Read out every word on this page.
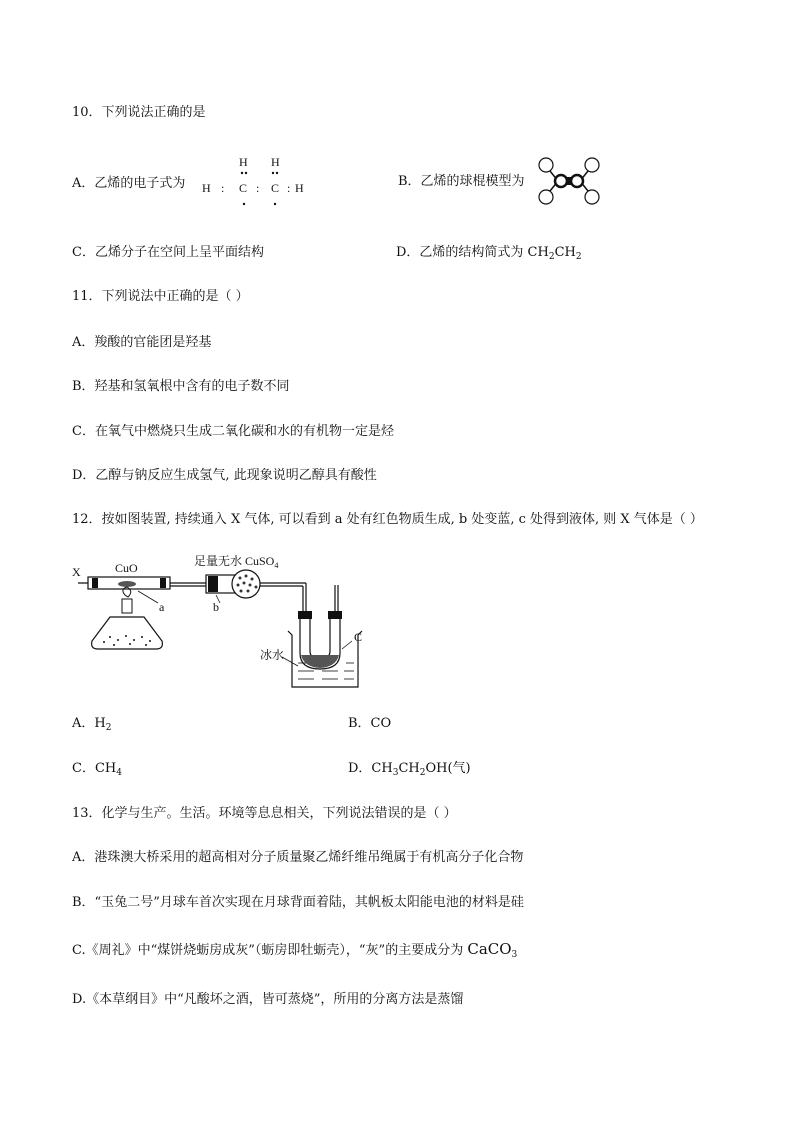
10．下列说法正确的是
A．乙烯的电子式为
H H
H : C : C : H	B．乙烯的球棍模型为
C．乙烯分子在空间上呈平面结构	D．乙烯的结构简式为 $CH_2CH_2$
11．下列说法中正确的是（ ）
A．羧酸的官能团是羟基
B．羟基和氢氧根中含有的电子数不同
C．在氧气中燃烧只生成二氧化碳和水的有机物一定是烃
D．乙醇与钠反应生成氢气, 此现象说明乙醇具有酸性
12．按如图装置, 持续通入 X 气体, 可以看到 a 处有红色物质生成, b 处变蓝, c 处得到液体, 则 X 气体是（ ）
X	CuO
a
足量无水 CuSO$_4$
b
C
冰水
A．$H_2$	B．CO
C．$CH_4$	D．$CH_3CH_2OH$(气)
13．化学与生产。生活。环境等息息相关，下列说法错误的是（ ）
A．港珠澳大桥采用的超高相对分子质量聚乙烯纤维吊绳属于有机高分子化合物
B．“玉兔二号”月球车首次实现在月球背面着陆，其帆板太阳能电池的材料是硅
C.《周礼》中“煤饼烧蛎房成灰”（蛎房即牡蛎壳），“灰”的主要成分为 CaCO$_3$
D.《本草纲目》中“凡酸坏之酒，皆可蒸烧”，所用的分离方法是蒸馏
